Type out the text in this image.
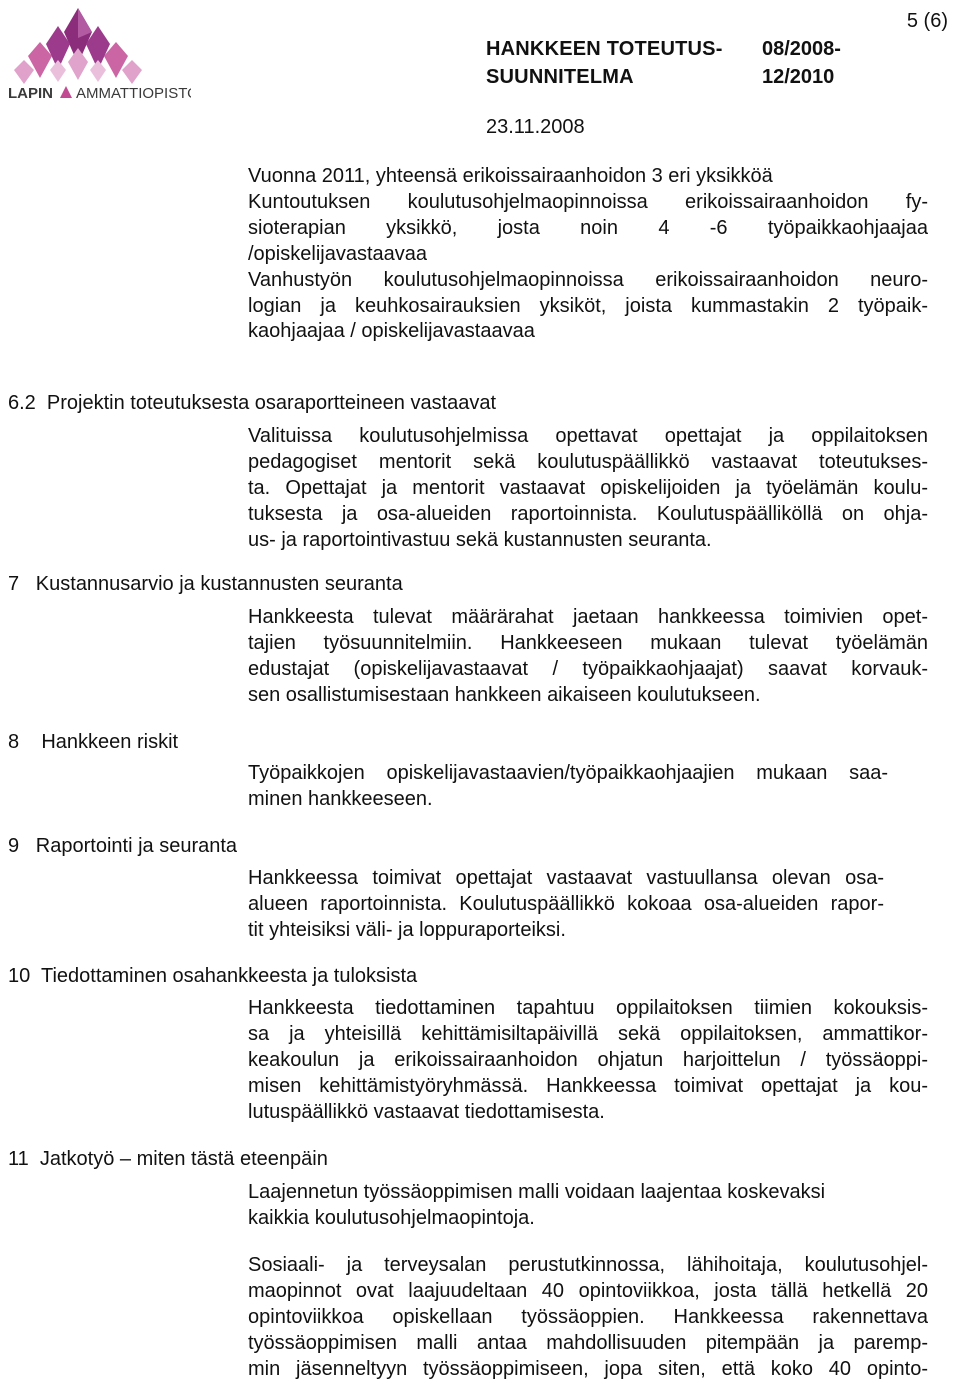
LAPIN AMMATTIOPISTO
5 (6)
HANKKEEN TOTEUTUS-
SUUNNITELMA
08/2008-
12/2010
23.11.2008
Vuonna 2011, yhteensä erikoissairaanhoidon 3 eri yksikköä
Kuntoutuksen koulutusohjelmaopinnoissa erikoissairaanhoidon fy-
sioterapian yksikkö, josta noin 4 -6 työpaikkaohjaajaa
/opiskelijavastaavaa
Vanhustyön koulutusohjelmaopinnoissa erikoissairaanhoidon neuro-
logian ja keuhkosairauksien yksiköt, joista kummastakin 2 työpaik-
kaohjaajaa / opiskelijavastaavaa
6.2  Projektin toteutuksesta osaraportteineen vastaavat
Valituissa koulutusohjelmissa opettavat opettajat ja oppilaitoksen
pedagogiset mentorit sekä koulutuspäällikkö vastaavat toteutukses-
ta. Opettajat ja mentorit vastaavat opiskelijoiden ja työelämän koulu-
tuksesta ja osa-alueiden raportoinnista. Koulutuspäälliköllä on ohja-
us- ja raportointivastuu sekä kustannusten seuranta.
7   Kustannusarvio ja kustannusten seuranta
Hankkeesta tulevat määrärahat jaetaan hankkeessa toimivien opet-
tajien työsuunnitelmiin. Hankkeeseen mukaan tulevat työelämän
edustajat (opiskelijavastaavat / työpaikkaohjaajat) saavat korvauk-
sen osallistumisestaan hankkeen aikaiseen koulutukseen.
8    Hankkeen riskit
Työpaikkojen opiskelijavastaavien/työpaikkaohjaajien mukaan saa-
minen hankkeeseen.
9   Raportointi ja seuranta
Hankkeessa toimivat opettajat vastaavat vastuullansa olevan osa-
alueen raportoinnista. Koulutuspäällikkö kokoaa osa-alueiden rapor-
tit yhteisiksi väli- ja loppuraporteiksi.
10  Tiedottaminen osahankkeesta ja tuloksista
Hankkeesta tiedottaminen tapahtuu oppilaitoksen tiimien kokouksis-
sa ja yhteisillä kehittämisiltapäivillä sekä oppilaitoksen, ammattikor-
keakoulun ja erikoissairaanhoidon ohjatun harjoittelun / työssäoppi-
misen kehittämistyöryhmässä. Hankkeessa toimivat opettajat ja kou-
lutuspäällikkö vastaavat tiedottamisesta.
11  Jatkotyö – miten tästä eteenpäin
Laajennetun työssäoppimisen malli voidaan laajentaa koskevaksi
kaikkia koulutusohjelmaopintoja.
Sosiaali- ja terveysalan perustutkinnossa, lähihoitaja, koulutusohjel-
maopinnot ovat laajuudeltaan 40 opintoviikkoa, josta tällä hetkellä 20
opintoviikkoa opiskellaan työssäoppien. Hankkeessa rakennettava
työssäoppimisen malli antaa mahdollisuuden pitempään ja paremp-
min jäsenneltyyn työssäoppimiseen, jopa siten, että koko 40 opinto-
